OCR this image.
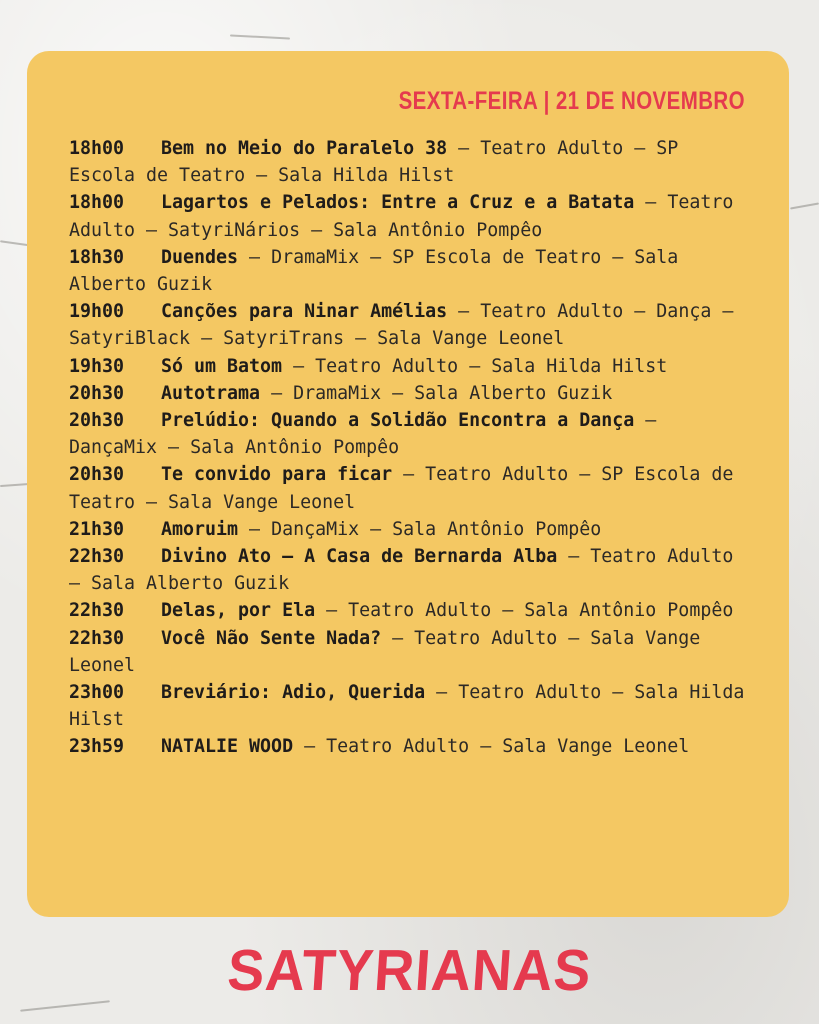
SEXTA-FEIRA | 21 DE NOVEMBRO
18h00 Bem no Meio do Paralelo 38 – Teatro Adulto – SP Escola de Teatro – Sala Hilda Hilst
18h00 Lagartos e Pelados: Entre a Cruz e a Batata – Teatro Adulto – SatyriNários – Sala Antônio Pompêo
18h30 Duendes – DramaMix – SP Escola de Teatro – Sala Alberto Guzik
19h00 Canções para Ninar Amélias – Teatro Adulto – Dança – SatyriBlack – SatyriTrans – Sala Vange Leonel
19h30 Só um Batom – Teatro Adulto – Sala Hilda Hilst
20h30 Autotrama – DramaMix – Sala Alberto Guzik
20h30 Prelúdio: Quando a Solidão Encontra a Dança – DançaMix – Sala Antônio Pompêo
20h30 Te convido para ficar – Teatro Adulto – SP Escola de Teatro – Sala Vange Leonel
21h30 Amoruim – DançaMix – Sala Antônio Pompêo
22h30 Divino Ato – A Casa de Bernarda Alba – Teatro Adulto – Sala Alberto Guzik
22h30 Delas, por Ela – Teatro Adulto – Sala Antônio Pompêo
22h30 Você Não Sente Nada? – Teatro Adulto – Sala Vange Leonel
23h00 Breviário: Adio, Querida – Teatro Adulto – Sala Hilda Hilst
23h59 NATALIE WOOD – Teatro Adulto – Sala Vange Leonel
SATYRIANAS
